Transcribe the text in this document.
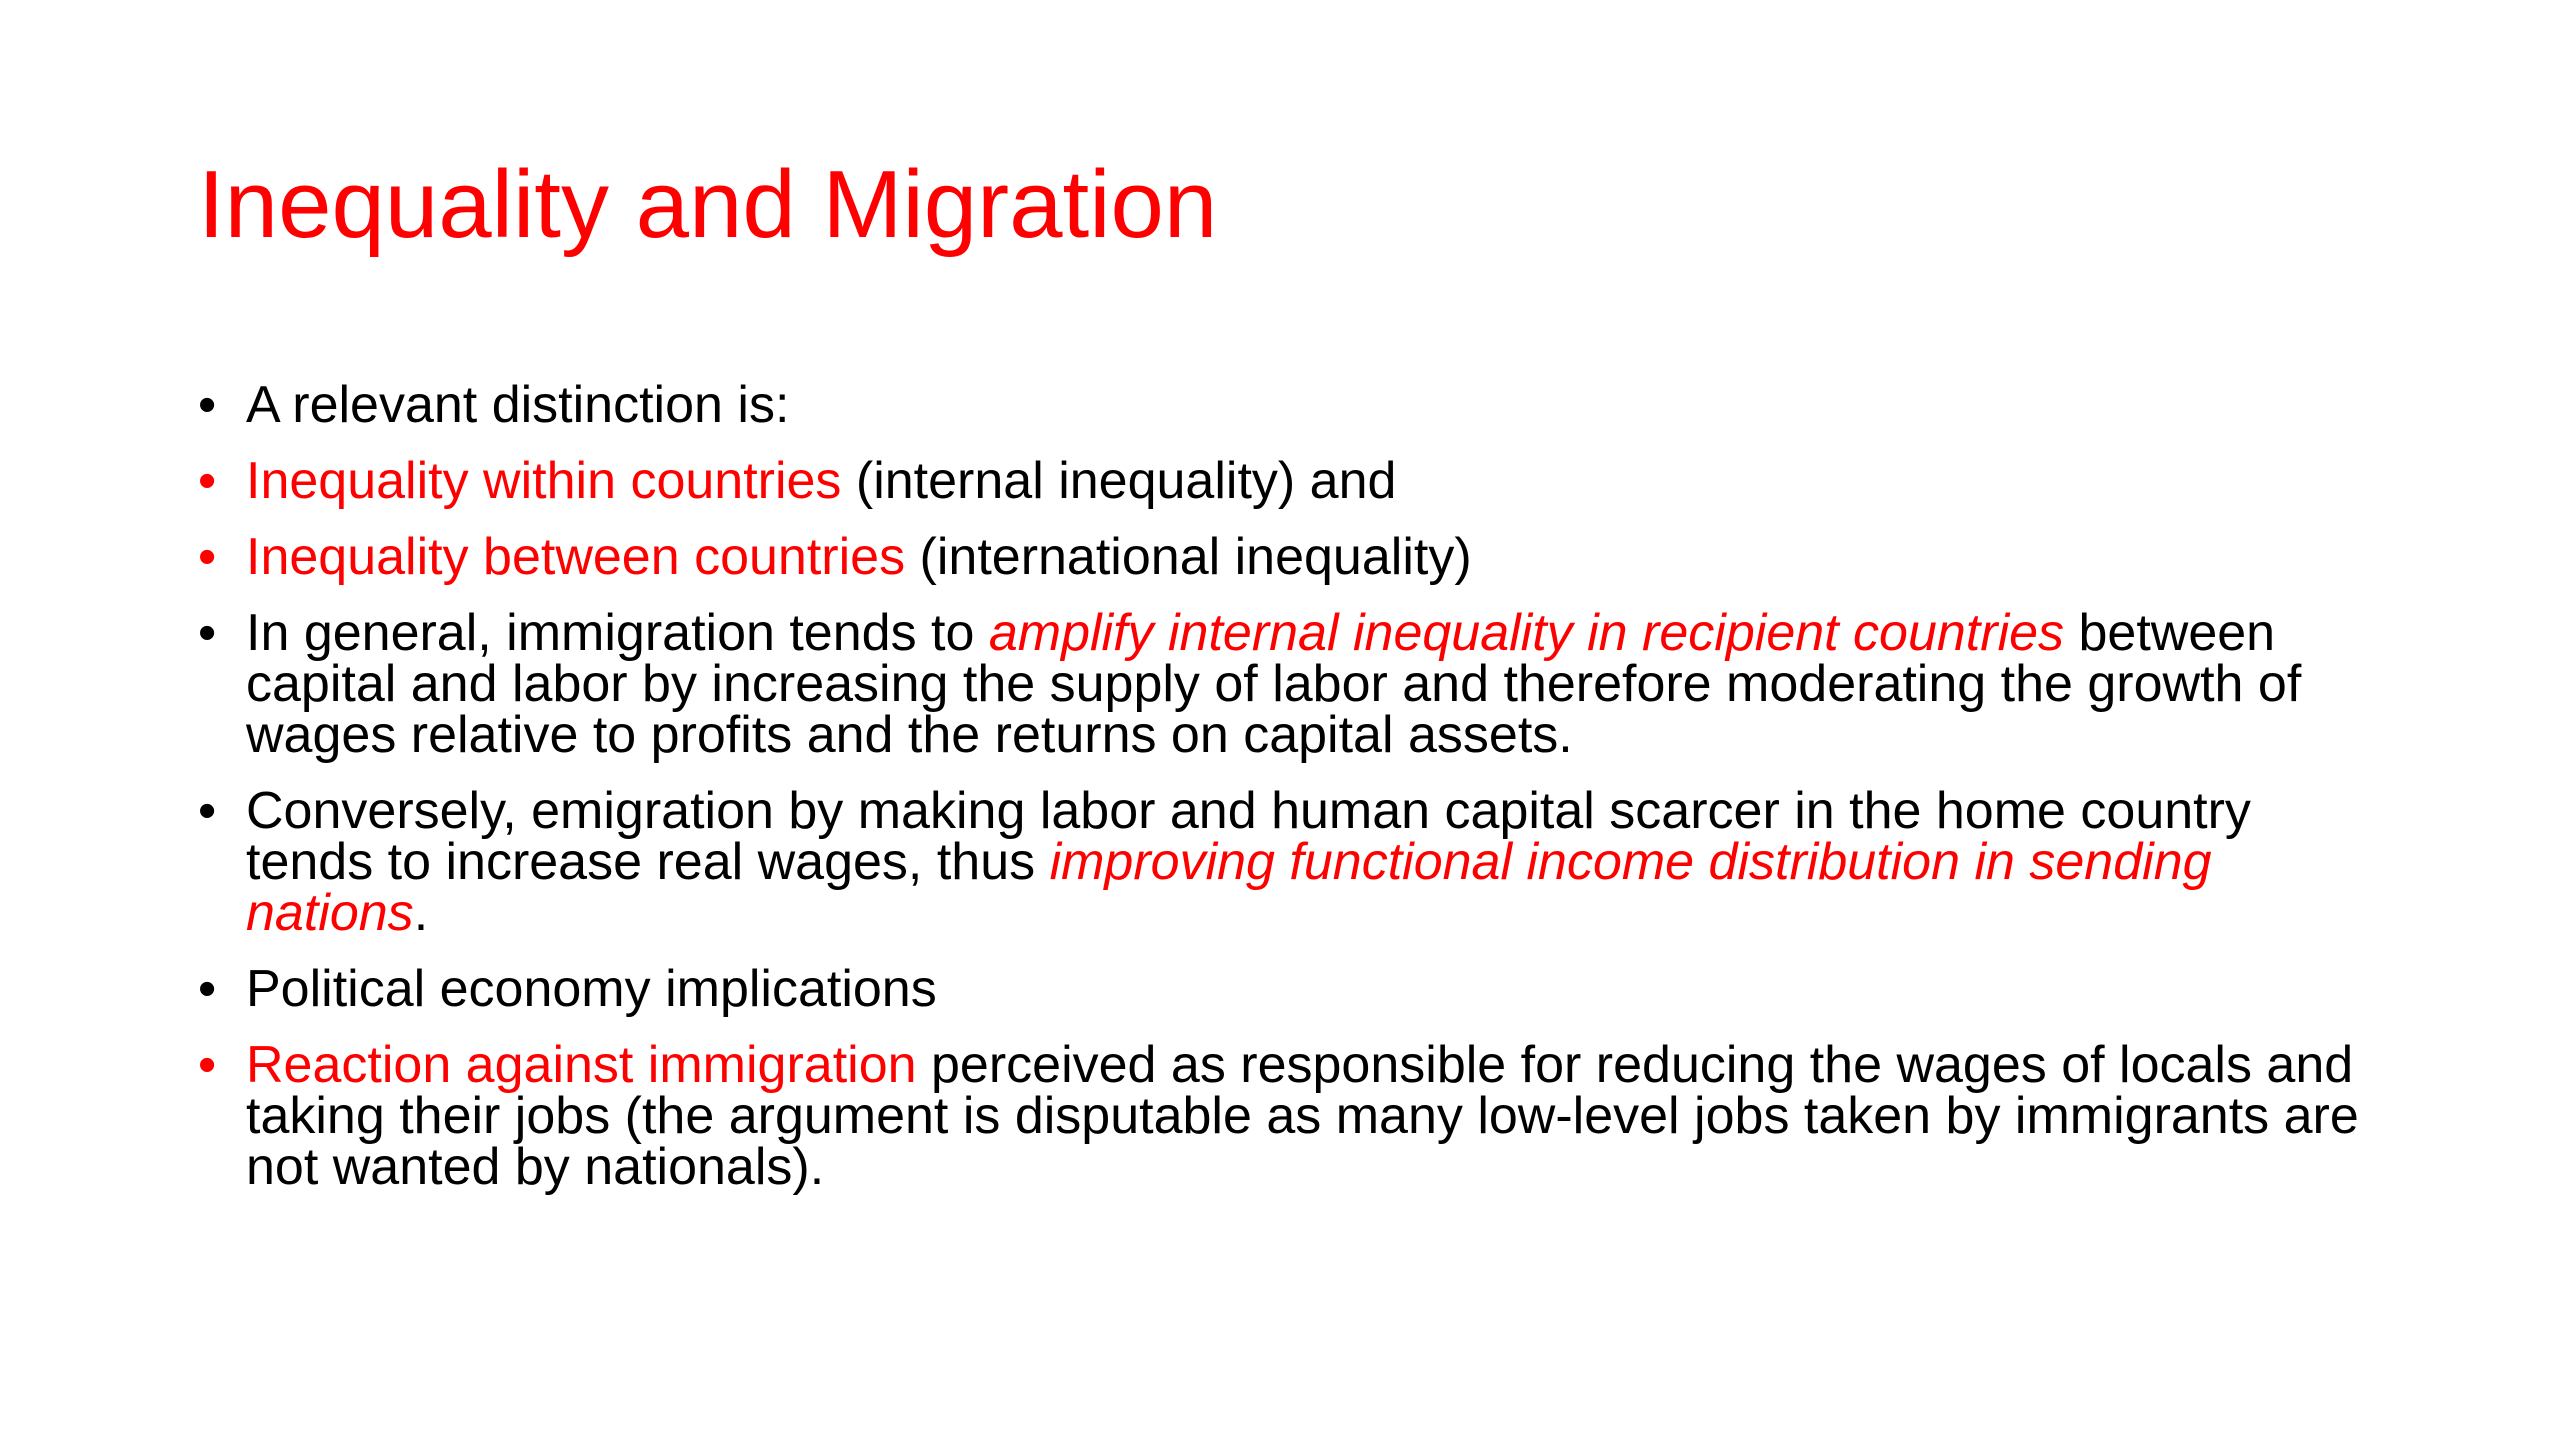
Inequality and Migration
• A relevant distinction is:
• Inequality within countries (internal inequality) and
• Inequality between countries (international inequality)
• In general, immigration tends to amplify internal inequality in recipient countries between capital and labor by increasing the supply of labor and therefore moderating the growth of wages relative to profits and the returns on capital assets.
• Conversely, emigration by making labor and human capital scarcer in the home country tends to increase real wages, thus improving functional income distribution in sending nations.
• Political economy implications
• Reaction against immigration perceived as responsible for reducing the wages of locals and taking their jobs (the argument is disputable as many low-level jobs taken by immigrants are not wanted by nationals).
